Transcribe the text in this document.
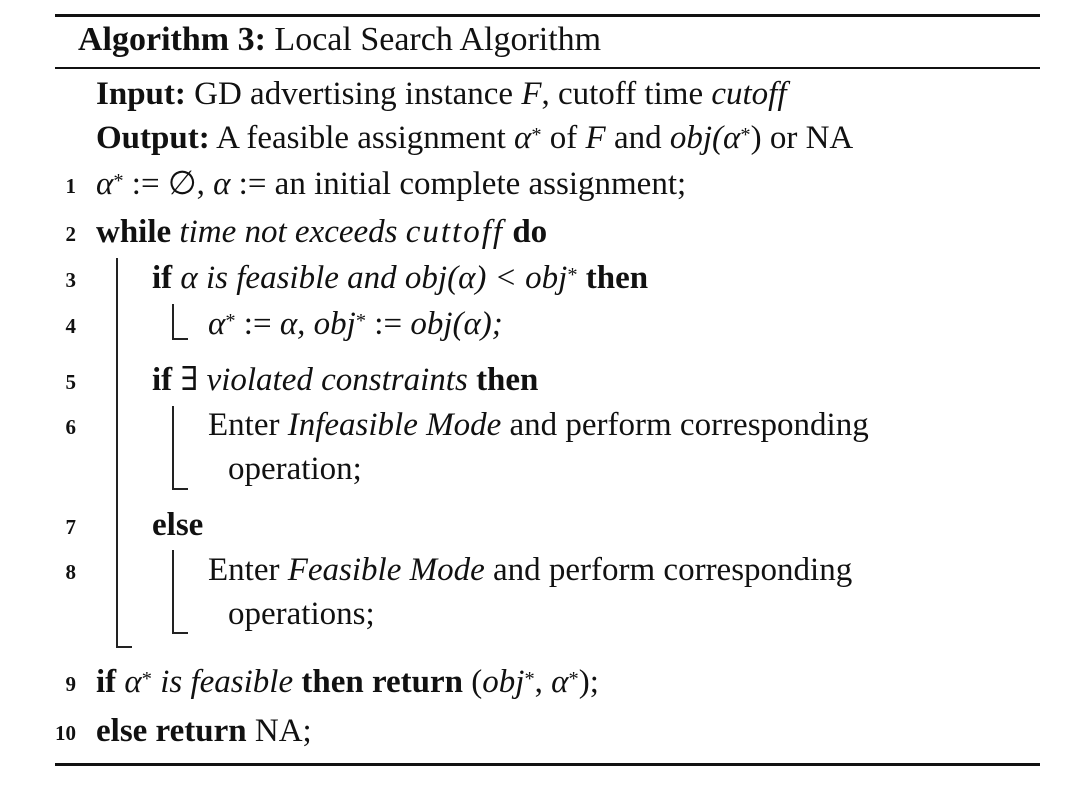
Algorithm 3: Local Search Algorithm
Input: GD advertising instance F, cutoff time cutoff
Output: A feasible assignment α* of F and obj(α*) or NA
1 α* := ∅, α := an initial complete assignment;
2 while time not exceeds cuttoff do
3 if α is feasible and obj(α) < obj* then
4	α* := α, obj* := obj(α);
5 if ∃ violated constraints then
6	Enter Infeasible Mode and perform corresponding
operation;
7 else
8	Enter Feasible Mode and perform corresponding
operations;
9 if α* is feasible then return (obj*, α*);
10 else return NA;
